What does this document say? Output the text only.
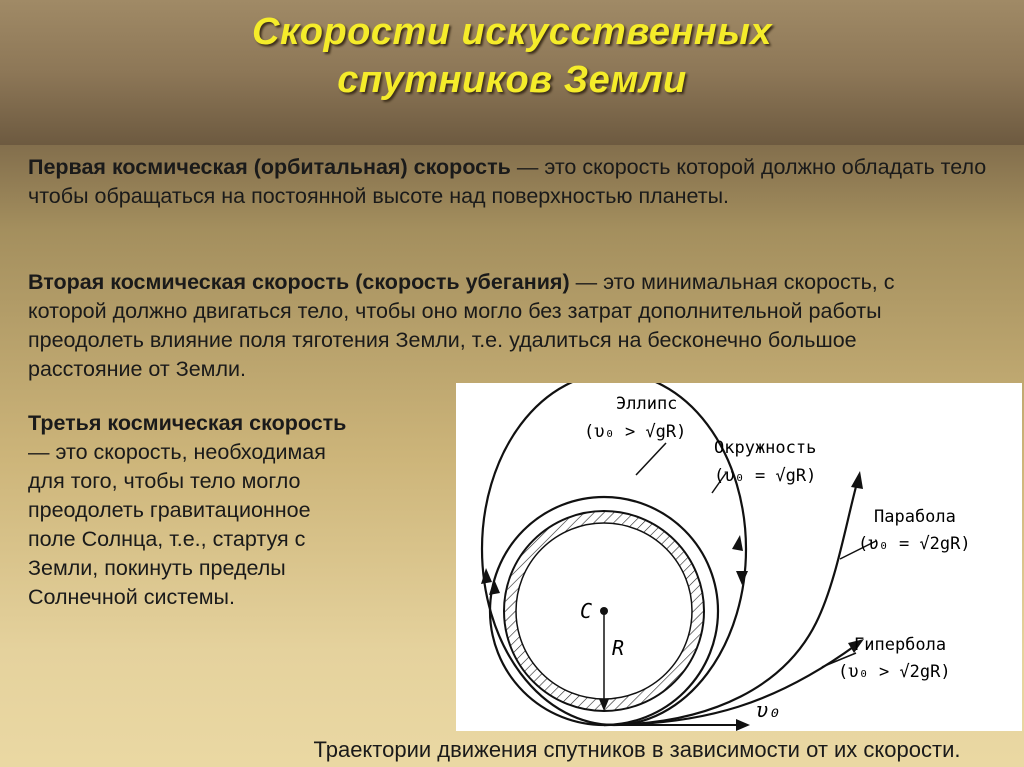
Скорости искусственных
спутников Земли
Первая космическая (орбитальная) скорость — это скорость которой должно обладать тело чтобы обращаться на постоянной высоте над поверхностью планеты.
Вторая космическая скорость (скорость убегания) — это минимальная скорость, с которой должно двигаться тело, чтобы оно могло без затрат дополнительной работы преодолеть влияние поля тяготения Земли, т.е. удалиться на бесконечно большое расстояние от Земли.
Третья космическая скорость — это скорость, необходимая для того, чтобы тело могло преодолеть гравитационное поле Солнца, т.е., стартуя с Земли, покинуть пределы Солнечной системы.
C
R
υ₀
Эллипс
(υ₀ > √gR)
Окружность
(υ₀ = √gR)
Парабола
(υ₀ = √2gR)
Гипербола
(υ₀ > √2gR)
Траектории движения спутников в зависимости от их скорости.
